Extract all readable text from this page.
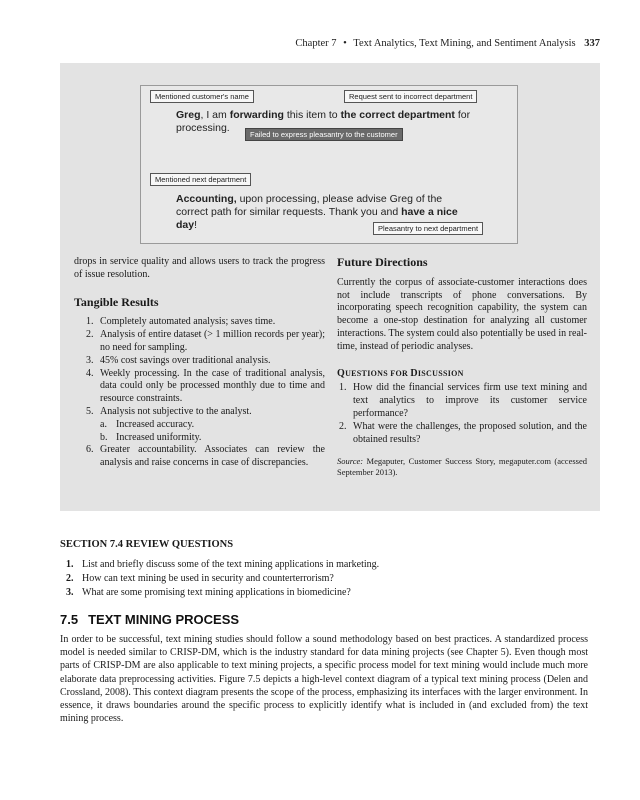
Chapter 7 • Text Analytics, Text Mining, and Sentiment Analysis 337
Mentioned customer's name	Request sent to incorrect department
Greg, I am forwarding this item to the correct department for
processing.
Failed to express pleasantry to the customer
Mentioned next department
Accounting, upon processing, please advise Greg of the
correct path for similar requests. Thank you and have a nice
day!	Pleasantry to next department
drops in service quality and allows users to track the progress of issue resolution.
Tangible Results
1. Completely automated analysis; saves time.
2. Analysis of entire dataset (> 1 million records per year); no need for sampling.
3. 45% cost savings over traditional analysis.
4. Weekly processing. In the case of traditional analysis, data could only be processed monthly due to time and resource constraints.
5. Analysis not subjective to the analyst.
a. Increased accuracy.
b. Increased uniformity.
6. Greater accountability. Associates can review the analysis and raise concerns in case of discrepancies.
Future Directions
Currently the corpus of associate-customer interactions does not include transcripts of phone conversations. By incorporating speech recognition capability, the system can become a one-stop destination for analyzing all customer interactions. The system could also potentially be used in real-time, instead of periodic analyses.
QUESTIONS FOR DISCUSSION
1. How did the financial services firm use text mining and text analytics to improve its customer service performance?
2. What were the challenges, the proposed solution, and the obtained results?
Source: Megaputer, Customer Success Story, megaputer.com (accessed September 2013).
SECTION 7.4 REVIEW QUESTIONS
1. List and briefly discuss some of the text mining applications in marketing.
2. How can text mining be used in security and counterterrorism?
3. What are some promising text mining applications in biomedicine?
7.5 TEXT MINING PROCESS
In order to be successful, text mining studies should follow a sound methodology based on best practices. A standardized process model is needed similar to CRISP-DM, which is the industry standard for data mining projects (see Chapter 5). Even though most parts of CRISP-DM are also applicable to text mining projects, a specific process model for text mining would include much more elaborate data preprocessing activities. Figure 7.5 depicts a high-level context diagram of a typical text mining process (Delen and Crossland, 2008). This context diagram presents the scope of the process, emphasizing its interfaces with the larger environment. In essence, it draws boundaries around the specific process to explicitly identify what is included in (and excluded from) the text mining process.
